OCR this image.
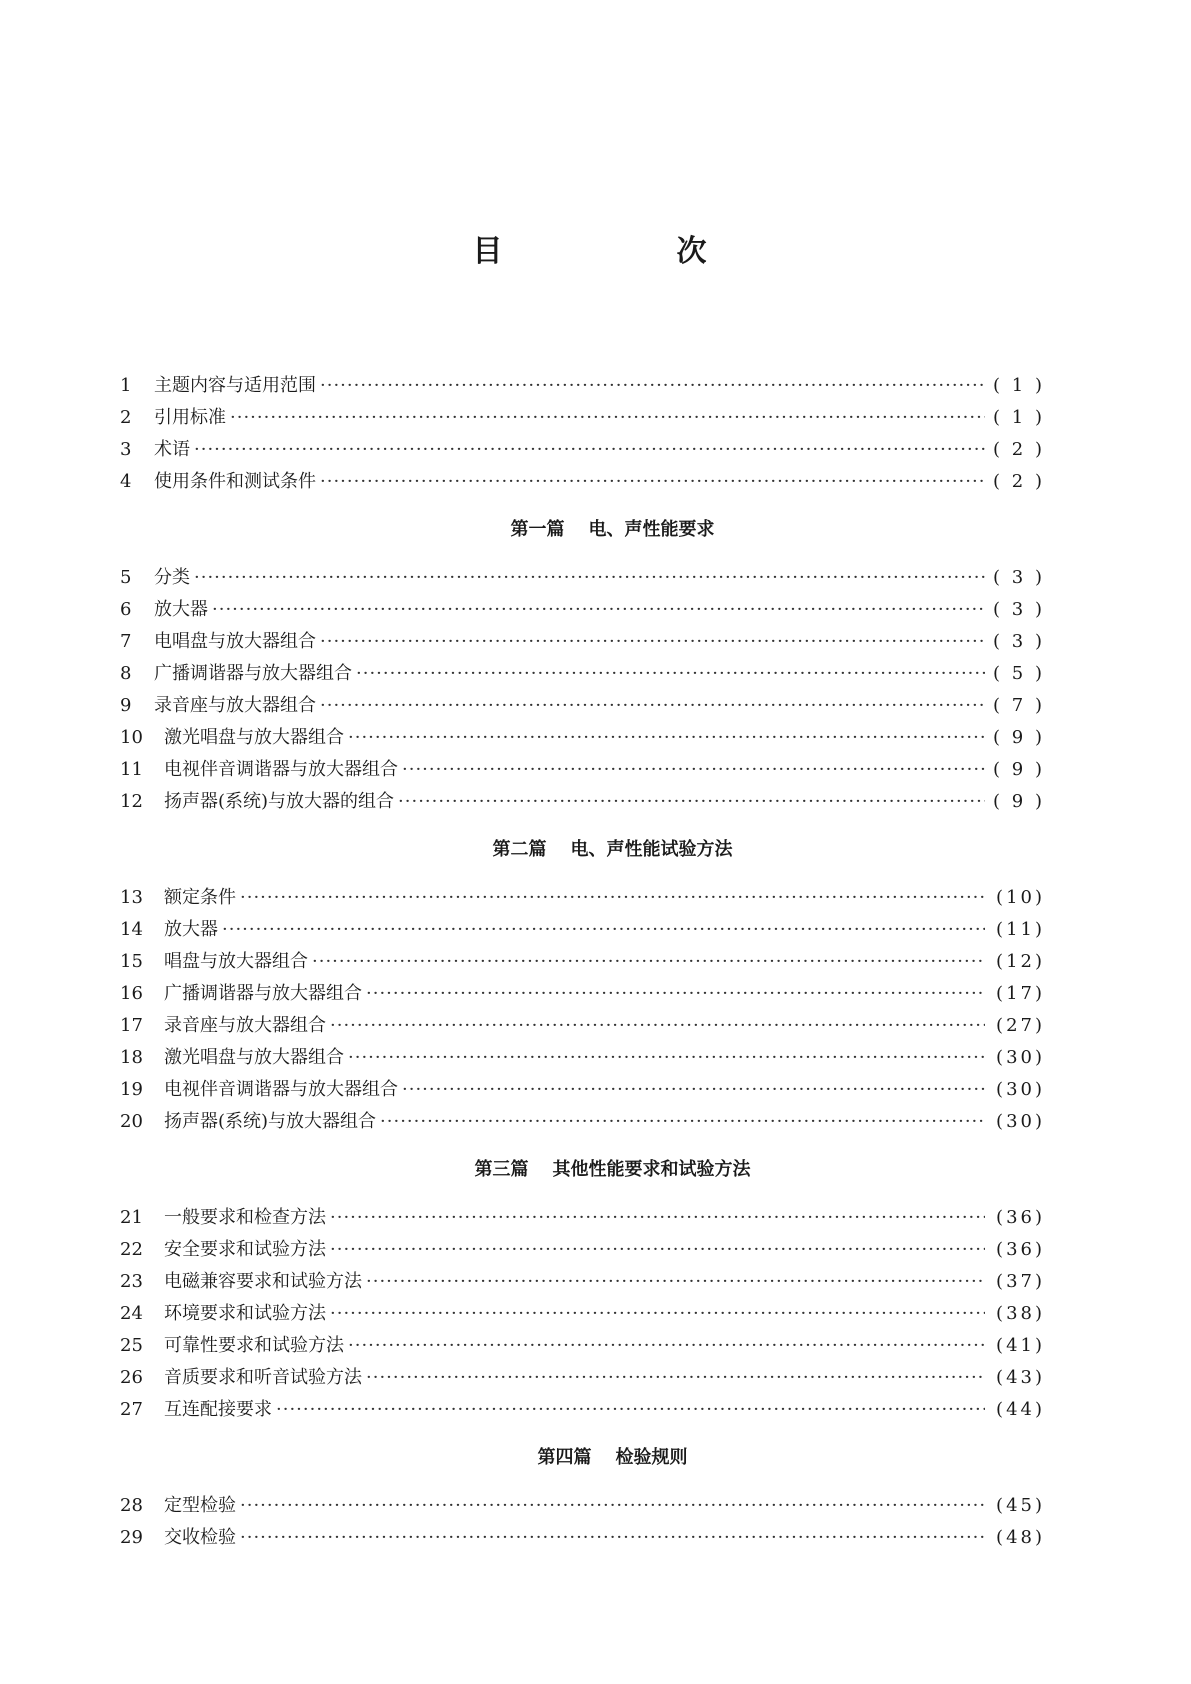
目　次
1	主题内容与适用范围 ·····	( 1 )
2	引用标准 ·····	( 1 )
3	术语 ·····	( 2 )
4	使用条件和测试条件 ·····	( 2 )
第一篇 电、声性能要求
5	分类 ·····	( 3 )
6	放大器 ·····	( 3 )
7	电唱盘与放大器组合 ·····	( 3 )
8	广播调谐器与放大器组合 ·····	( 5 )
9	录音座与放大器组合 ·····	( 7 )
10	激光唱盘与放大器组合 ·····	( 9 )
11	电视伴音调谐器与放大器组合 ·····	( 9 )
12	扬声器(系统)与放大器的组合 ·····	( 9 )
第二篇 电、声性能试验方法
13	额定条件 ·····	(10)
14	放大器 ·····	(11)
15	唱盘与放大器组合 ·····	(12)
16	广播调谐器与放大器组合 ·····	(17)
17	录音座与放大器组合 ·····	(27)
18	激光唱盘与放大器组合 ·····	(30)
19	电视伴音调谐器与放大器组合 ·····	(30)
20	扬声器(系统)与放大器组合 ·····	(30)
第三篇 其他性能要求和试验方法
21	一般要求和检查方法 ·····	(36)
22	安全要求和试验方法 ·····	(36)
23	电磁兼容要求和试验方法 ·····	(37)
24	环境要求和试验方法 ·····	(38)
25	可靠性要求和试验方法 ·····	(41)
26	音质要求和听音试验方法 ·····	(43)
27	互连配接要求 ·····	(44)
第四篇 检验规则
28	定型检验 ·····	(45)
29	交收检验 ·····	(48)
